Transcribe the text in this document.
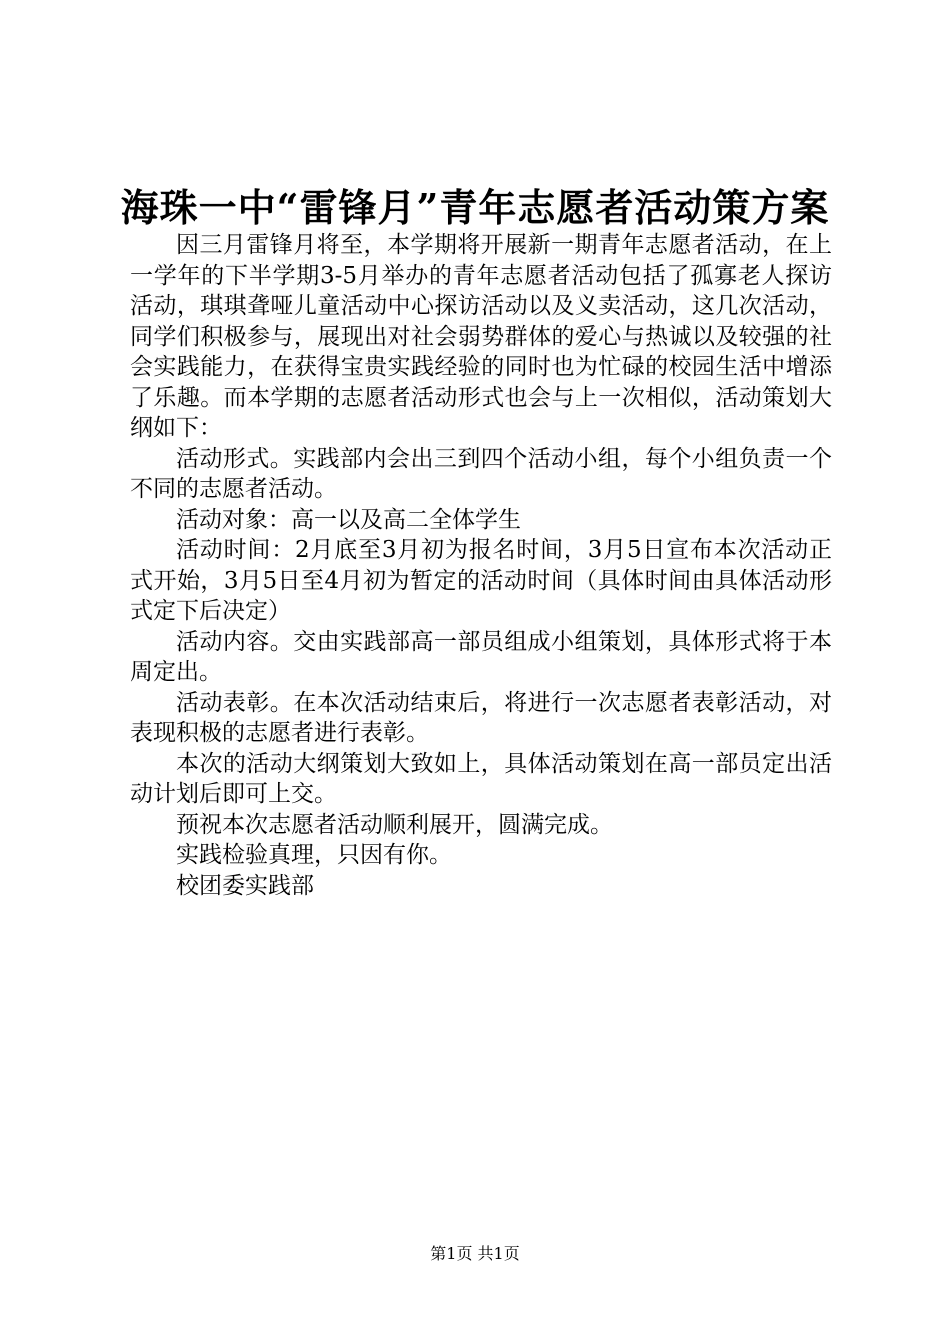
海珠一中“雷锋月”青年志愿者活动策方案

因三月雷锋月将至，本学期将开展新一期青年志愿者活动，在上一学年的下半学期3-5月举办的青年志愿者活动包括了孤寡老人探访活动，琪琪聋哑儿童活动中心探访活动以及义卖活动，这几次活动，同学们积极参与，展现出对社会弱势群体的爱心与热诚以及较强的社会实践能力，在获得宝贵实践经验的同时也为忙碌的校园生活中增添了乐趣。而本学期的志愿者活动形式也会与上一次相似，活动策划大纲如下：

活动形式。实践部内会出三到四个活动小组，每个小组负责一个不同的志愿者活动。

活动对象：高一以及高二全体学生

活动时间：2月底至3月初为报名时间，3月5日宣布本次活动正式开始，3月5日至4月初为暂定的活动时间（具体时间由具体活动形式定下后决定）

活动内容。交由实践部高一部员组成小组策划，具体形式将于本周定出。

活动表彰。在本次活动结束后，将进行一次志愿者表彰活动，对表现积极的志愿者进行表彰。

本次的活动大纲策划大致如上，具体活动策划在高一部员定出活动计划后即可上交。

预祝本次志愿者活动顺利展开，圆满完成。

实践检验真理，只因有你。

校团委实践部

第1页 共1页
